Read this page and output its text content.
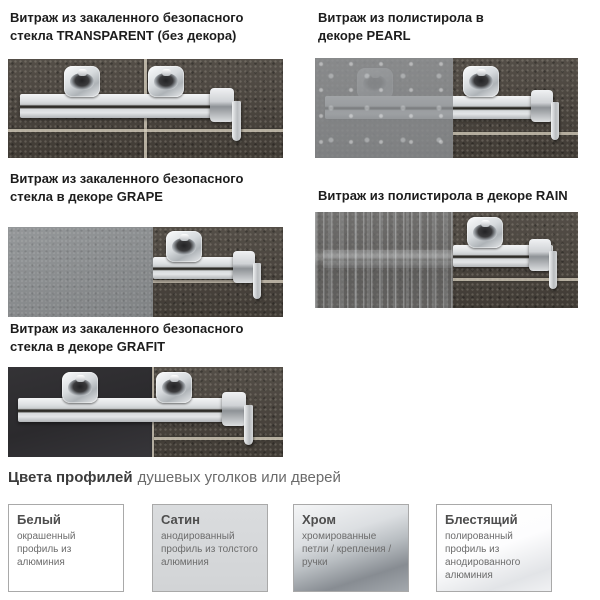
Витраж из закаленного безопасного
стекла TRANSPARENT (без декора)
Витраж из полистирола в
декоре PEARL
Витраж из закаленного безопасного
стекла в декоре GRAPE	Витраж из полистирола в декоре RAIN
Витраж из закаленного безопасного
стекла в декоре GRAFIT
Цвета профилей душевых уголков или дверей
Белый
окрашенный профиль из алюминия
Сатин
анодированный профиль из толстого алюминия
Хром
хромированные петли / крепления / ручки
Блестящий
полированный профиль из анодированного алюминия
